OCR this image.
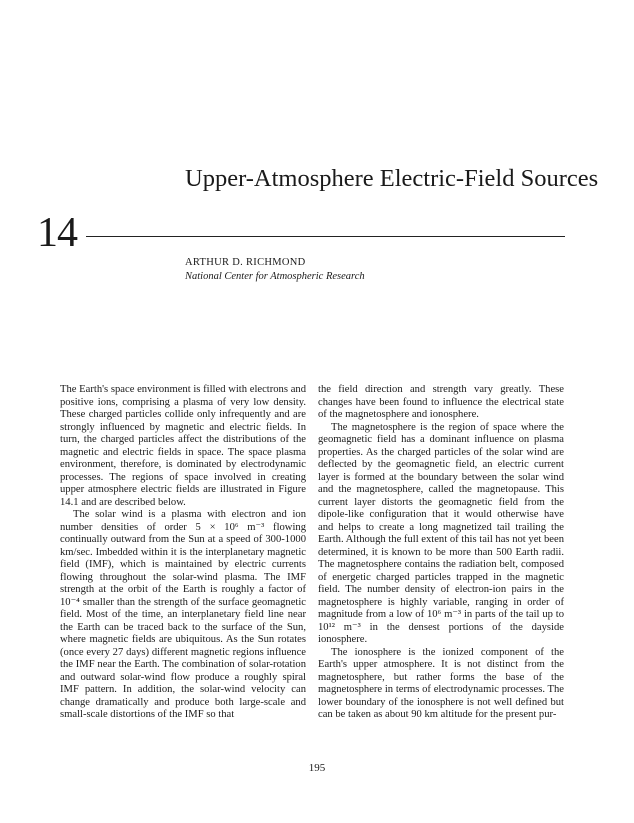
Upper-Atmosphere Electric-Field Sources
14
ARTHUR D. RICHMOND
National Center for Atmospheric Research

The Earth's space environment is filled with electrons and positive ions, comprising a plasma of very low density. These charged particles collide only infrequently and are strongly influenced by magnetic and electric fields. In turn, the charged particles affect the distributions of the magnetic and electric fields in space. The space plasma environment, therefore, is dominated by electrodynamic processes. The regions of space involved in creating upper atmosphere electric fields are illustrated in Figure 14.1 and are described below.

The solar wind is a plasma with electron and ion number densities of order 5 × 10⁶ m⁻³ flowing continually outward from the Sun at a speed of 300-1000 km/sec. Imbedded within it is the interplanetary magnetic field (IMF), which is maintained by electric currents flowing throughout the solar-wind plasma. The IMF strength at the orbit of the Earth is roughly a factor of 10⁻⁴ smaller than the strength of the surface geomagnetic field. Most of the time, an interplanetary field line near the Earth can be traced back to the surface of the Sun, where magnetic fields are ubiquitous. As the Sun rotates (once every 27 days) different magnetic regions influence the IMF near the Earth. The combination of solar-rotation and outward solar-wind flow produce a roughly spiral IMF pattern. In addition, the solar-wind velocity can change dramatically and produce both large-scale and small-scale distortions of the IMF so that

the field direction and strength vary greatly. These changes have been found to influence the electrical state of the magnetosphere and ionosphere.

The magnetosphere is the region of space where the geomagnetic field has a dominant influence on plasma properties. As the charged particles of the solar wind are deflected by the geomagnetic field, an electric current layer is formed at the boundary between the solar wind and the magnetosphere, called the magnetopause. This current layer distorts the geomagnetic field from the dipole-like configuration that it would otherwise have and helps to create a long magnetized tail trailing the Earth. Although the full extent of this tail has not yet been determined, it is known to be more than 500 Earth radii. The magnetosphere contains the radiation belt, composed of energetic charged particles trapped in the magnetic field. The number density of electron-ion pairs in the magnetosphere is highly variable, ranging in order of magnitude from a low of 10⁶ m⁻³ in parts of the tail up to 10¹² m⁻³ in the densest portions of the dayside ionosphere.

The ionosphere is the ionized component of the Earth's upper atmosphere. It is not distinct from the magnetosphere, but rather forms the base of the magnetosphere in terms of electrodynamic processes. The lower boundary of the ionosphere is not well defined but can be taken as about 90 km altitude for the present pur-

195
